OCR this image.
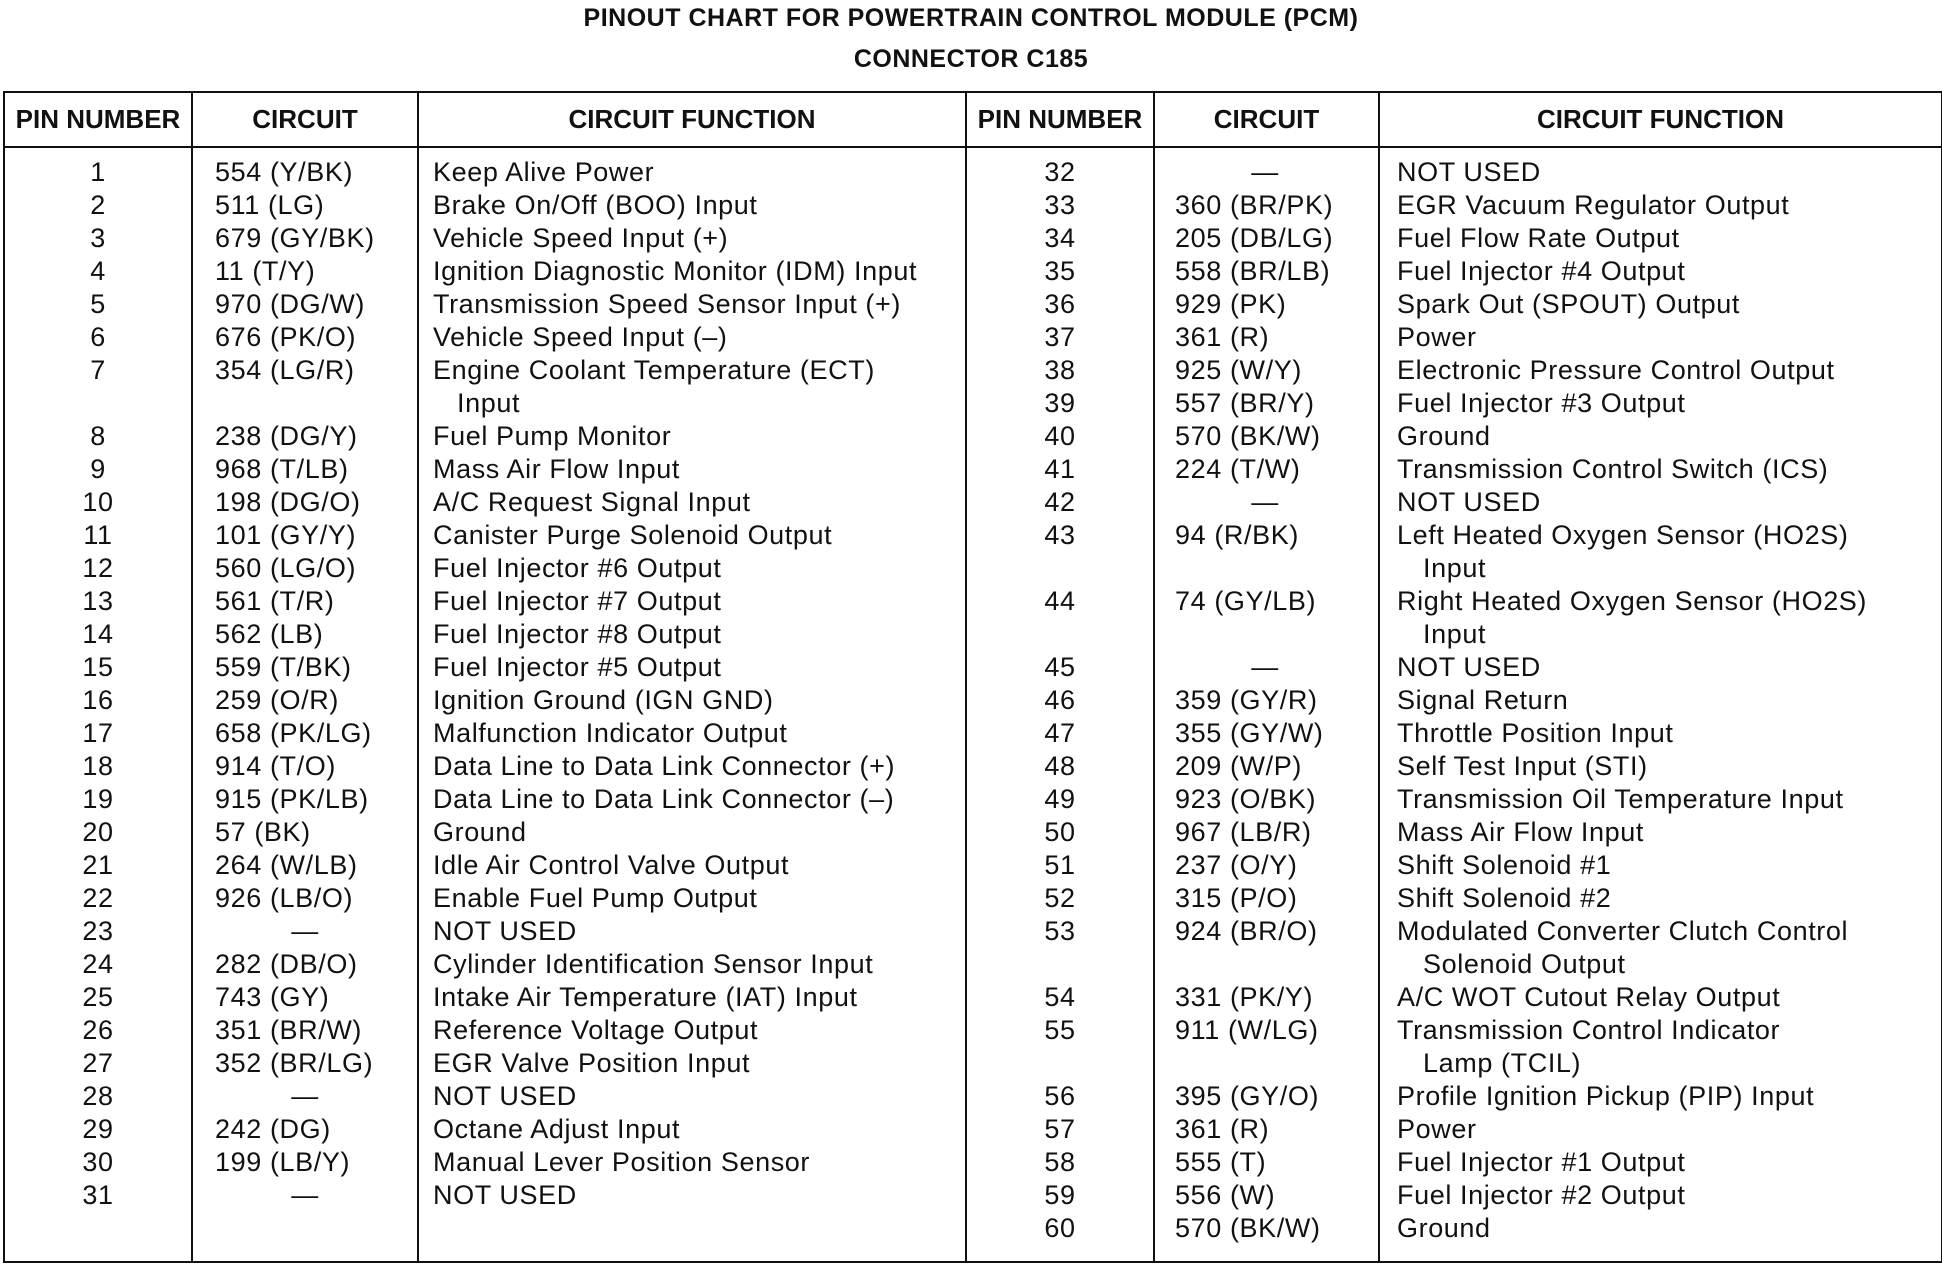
PINOUT CHART FOR POWERTRAIN CONTROL MODULE (PCM)
CONNECTOR C185
PIN NUMBER	CIRCUIT	CIRCUIT FUNCTION	PIN NUMBER	CIRCUIT	CIRCUIT FUNCTION
1	554 (Y/BK)	Keep Alive Power
2	511 (LG)	Brake On/Off (BOO) Input
3	679 (GY/BK) Vehicle Speed Input (+)
4	11 (T/Y)	Ignition Diagnostic Monitor (IDM) Input
5	970 (DG/W)	Transmission Speed Sensor Input (+)
6	676 (PK/O)	Vehicle Speed Input (–)
7	354 (LG/R)	Engine Coolant Temperature (ECT)
Input
8	238 (DG/Y)	Fuel Pump Monitor
9	968 (T/LB)	Mass Air Flow Input
10	198 (DG/O)	A/C Request Signal Input
11	101 (GY/Y)	Canister Purge Solenoid Output
12	560 (LG/O)	Fuel Injector #6 Output
13	561 (T/R)	Fuel Injector #7 Output
14	562 (LB)	Fuel Injector #8 Output
15	559 (T/BK)	Fuel Injector #5 Output
16	259 (O/R)	Ignition Ground (IGN GND)
17	658 (PK/LG) Malfunction Indicator Output
18	914 (T/O)	Data Line to Data Link Connector (+)
19	915 (PK/LB) Data Line to Data Link Connector (–)
20	57 (BK)	Ground
21	264 (W/LB)	Idle Air Control Valve Output
22	926 (LB/O)	Enable Fuel Pump Output
23	—	NOT USED
24	282 (DB/O)	Cylinder Identification Sensor Input
25	743 (GY)	Intake Air Temperature (IAT) Input
26	351 (BR/W)	Reference Voltage Output
27	352 (BR/LG) EGR Valve Position Input
28	—	NOT USED
29	242 (DG)	Octane Adjust Input
30	199 (LB/Y)	Manual Lever Position Sensor
31	—	NOT USED
32	—	NOT USED
33	360 (BR/PK) EGR Vacuum Regulator Output
34	205 (DB/LG) Fuel Flow Rate Output
35	558 (BR/LB) Fuel Injector #4 Output
36	929 (PK)	Spark Out (SPOUT) Output
37	361 (R)	Power
38	925 (W/Y)	Electronic Pressure Control Output
39	557 (BR/Y)	Fuel Injector #3 Output
40	570 (BK/W)	Ground
41	224 (T/W)	Transmission Control Switch (ICS)
42	—	NOT USED
43	94 (R/BK)	Left Heated Oxygen Sensor (HO2S)
Input
44	74 (GY/LB)	Right Heated Oxygen Sensor (HO2S)
Input
45	—	NOT USED
46	359 (GY/R)	Signal Return
47	355 (GY/W)	Throttle Position Input
48	209 (W/P)	Self Test Input (STI)
49	923 (O/BK)	Transmission Oil Temperature Input
50	967 (LB/R)	Mass Air Flow Input
51	237 (O/Y)	Shift Solenoid #1
52	315 (P/O)	Shift Solenoid #2
53	924 (BR/O)	Modulated Converter Clutch Control
Solenoid Output
54	331 (PK/Y)	A/C WOT Cutout Relay Output
55	911 (W/LG)	Transmission Control Indicator
Lamp (TCIL)
56	395 (GY/O)	Profile Ignition Pickup (PIP) Input
57	361 (R)	Power
58	555 (T)	Fuel Injector #1 Output
59	556 (W)	Fuel Injector #2 Output
60	570 (BK/W)	Ground
